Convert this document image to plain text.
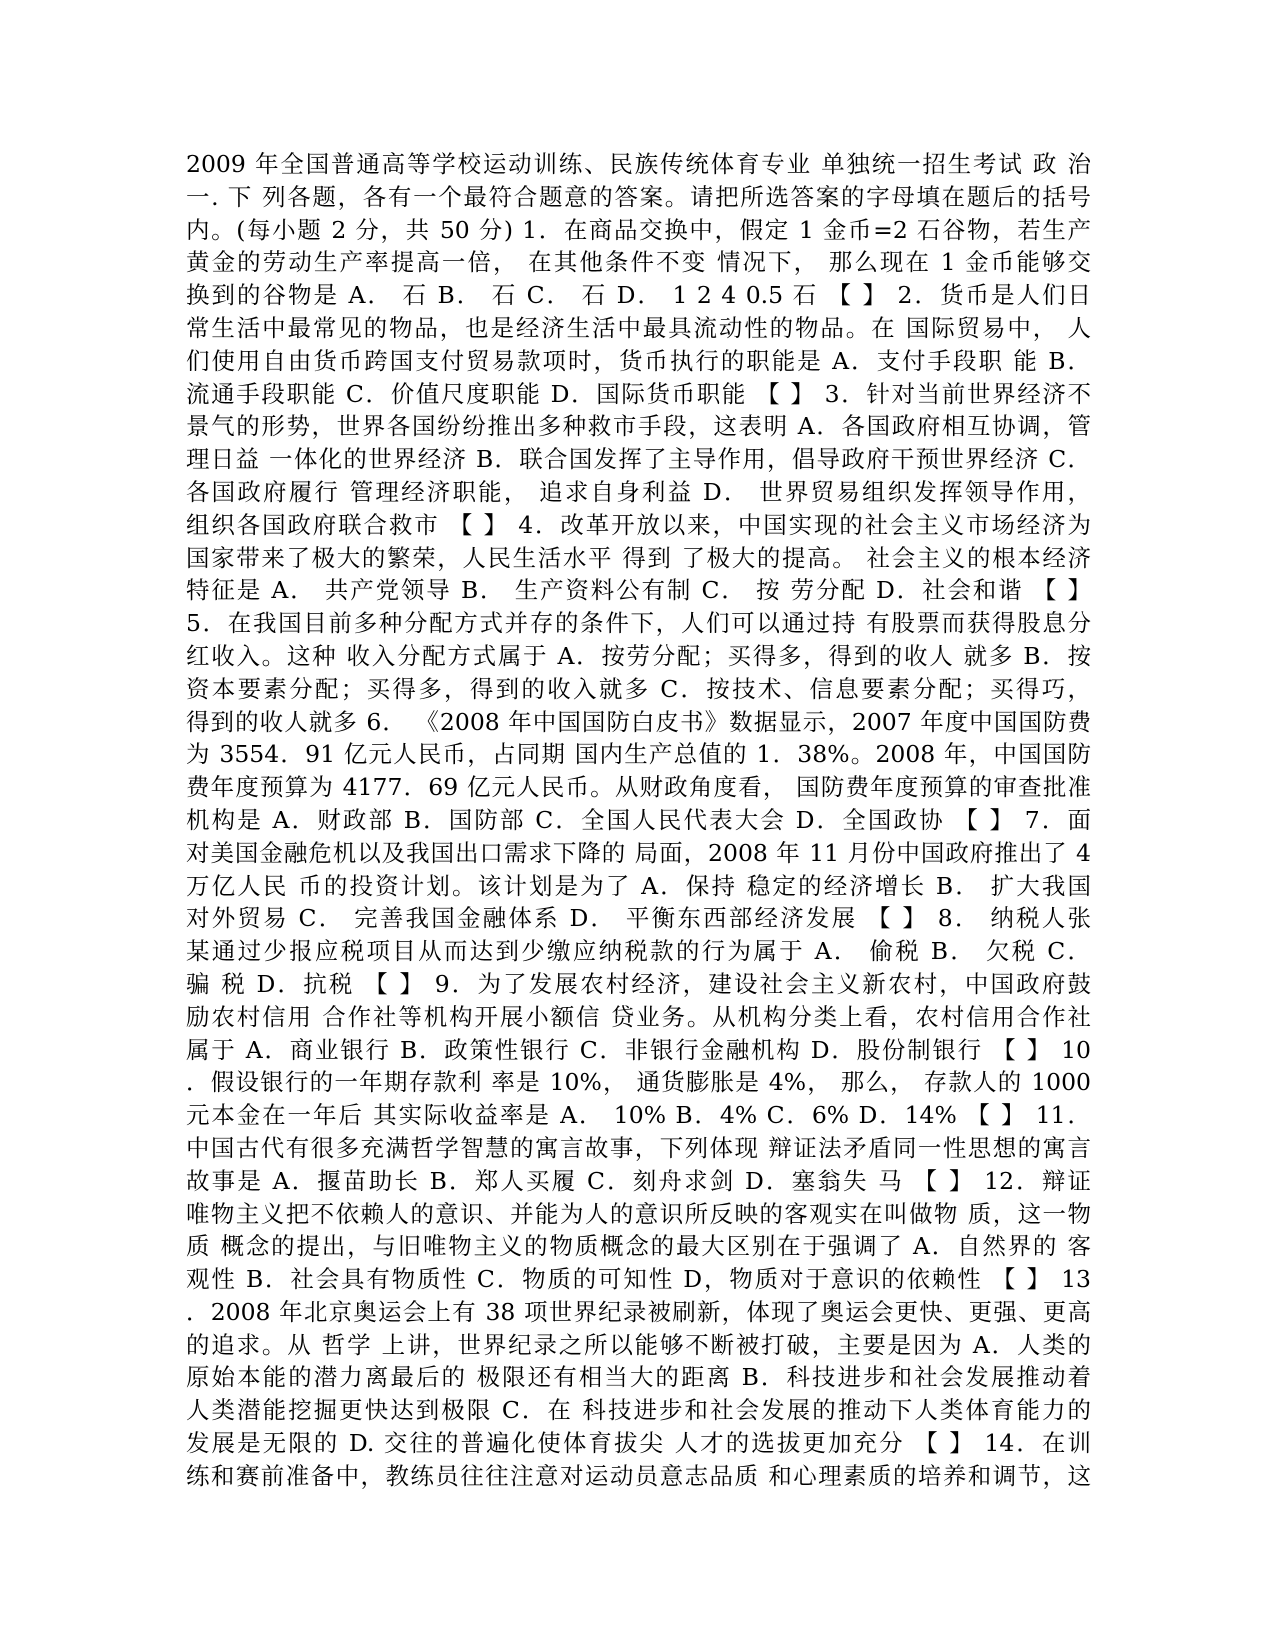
2009 年全国普通高等学校运动训练、民族传统体育专业 单独统一招生考试 政 治
一. 下 列各题，各有一个最符合题意的答案。请把所选答案的字母填在题后的括号
内。(每小题 2 分，共 50 分) 1．在商品交换中，假定 1 金币=2 石谷物，若生产
黄金的劳动生产率提高一倍， 在其他条件不变 情况下， 那么现在 1 金币能够交
换到的谷物是 A． 石 B． 石 C． 石 D． 1 2 4 0.5 石 【 】 2．货币是人们日
常生活中最常见的物品，也是经济生活中最具流动性的物品。在 国际贸易中， 人
们使用自由货币跨国支付贸易款项时，货币执行的职能是 A．支付手段职 能 B．
流通手段职能 C．价值尺度职能 D．国际货币职能 【 】 3．针对当前世界经济不
景气的形势，世界各国纷纷推出多种救市手段，这表明 A．各国政府相互协调，管
理日益 一体化的世界经济 B．联合国发挥了主导作用，倡导政府干预世界经济 C．
各国政府履行 管理经济职能， 追求自身利益 D． 世界贸易组织发挥领导作用，
组织各国政府联合救市 【 】 4．改革开放以来，中国实现的社会主义市场经济为
国家带来了极大的繁荣，人民生活水平 得到 了极大的提高。 社会主义的根本经济
特征是 A． 共产党领导 B． 生产资料公有制 C． 按 劳分配 D．社会和谐 【 】
5．在我国目前多种分配方式并存的条件下，人们可以通过持 有股票而获得股息分
红收入。这种 收入分配方式属于 A．按劳分配；买得多，得到的收人 就多 B．按
资本要素分配；买得多，得到的收入就多 C．按技术、信息要素分配；买得巧，
得到的收人就多 6． 《2008 年中国国防白皮书》数据显示，2007 年度中国国防费
为 3554．91 亿元人民币，占同期 国内生产总值的 1．38%。2008 年，中国国防
费年度预算为 4177．69 亿元人民币。从财政角度看， 国防费年度预算的审查批准
机构是 A．财政部 B．国防部 C．全国人民代表大会 D．全国政协 【 】 7．面
对美国金融危机以及我国出口需求下降的 局面，2008 年 11 月份中国政府推出了 4
万亿人民 币的投资计划。该计划是为了 A．保持 稳定的经济增长 B． 扩大我国
对外贸易 C． 完善我国金融体系 D． 平衡东西部经济发展 【 】 8． 纳税人张
某通过少报应税项目从而达到少缴应纳税款的行为属于 A． 偷税 B． 欠税 C．
骗 税 D．抗税 【 】 9．为了发展农村经济，建设社会主义新农村，中国政府鼓
励农村信用 合作社等机构开展小额信 贷业务。从机构分类上看，农村信用合作社
属于 A．商业银行 B．政策性银行 C．非银行金融机构 D．股份制银行 【 】 10
．假设银行的一年期存款利 率是 10%， 通货膨胀是 4%， 那么， 存款人的 1000
元本金在一年后 其实际收益率是 A． 10% B．4% C．6% D．14% 【 】 11．
中国古代有很多充满哲学智慧的寓言故事，下列体现 辩证法矛盾同一性思想的寓言
故事是 A．揠苗助长 B．郑人买履 C．刻舟求剑 D．塞翁失 马 【 】 12．辩证
唯物主义把不依赖人的意识、并能为人的意识所反映的客观实在叫做物 质，这一物
质 概念的提出，与旧唯物主义的物质概念的最大区别在于强调了 A．自然界的 客
观性 B．社会具有物质性 C．物质的可知性 D，物质对于意识的依赖性 【 】 13
．2008 年北京奥运会上有 38 项世界纪录被刷新，体现了奥运会更快、更强、更高
的追求。从 哲学 上讲，世界纪录之所以能够不断被打破，主要是因为 A．人类的
原始本能的潜力离最后的 极限还有相当大的距离 B．科技进步和社会发展推动着
人类潜能挖掘更快达到极限 C．在 科技进步和社会发展的推动下人类体育能力的
发展是无限的 D. 交往的普遍化使体育拔尖 人才的选拔更加充分 【 】 14．在训
练和赛前准备中，教练员往往注意对运动员意志品质 和心理素质的培养和调节，这
